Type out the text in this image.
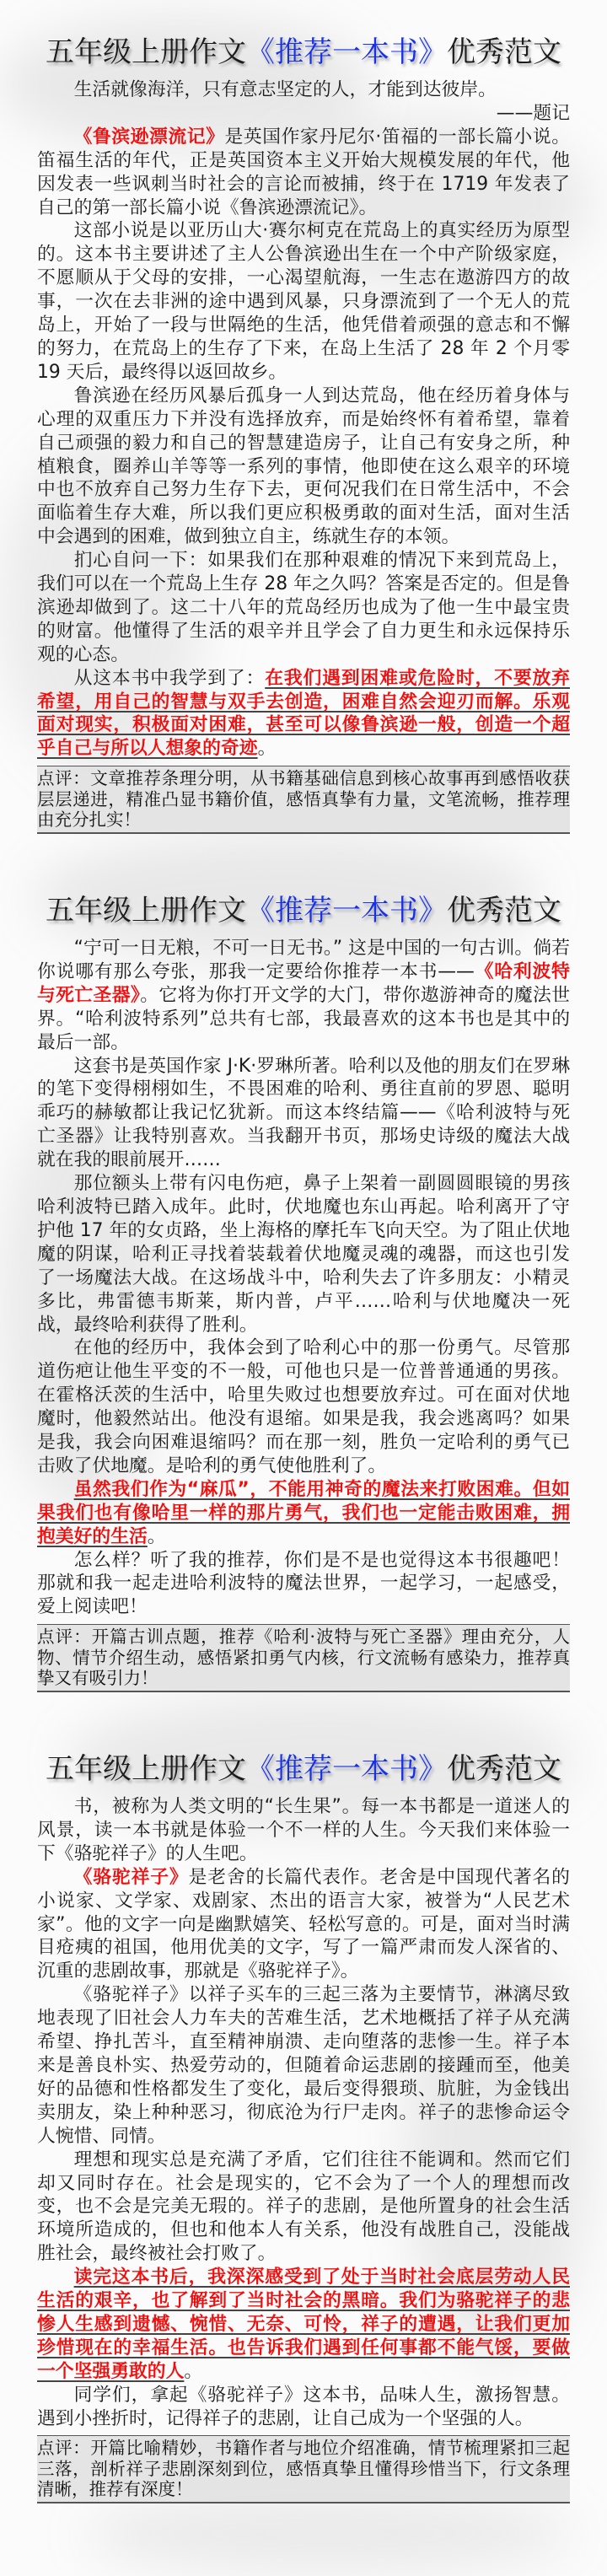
五年级上册作文《推荐一本书》优秀范文

生活就像海洋，只有意志坚定的人，才能到达彼岸。

——题记

《鲁滨逊漂流记》是英国作家丹尼尔·笛福的一部长篇小说。笛福生活的年代，正是英国资本主义开始大规模发展的年代，他因发表一些讽刺当时社会的言论而被捕，终于在 1719 年发表了自己的第一部长篇小说《鲁滨逊漂流记》。

这部小说是以亚历山大·赛尔柯克在荒岛上的真实经历为原型的。这本书主要讲述了主人公鲁滨逊出生在一个中产阶级家庭，不愿顺从于父母的安排，一心渴望航海，一生志在遨游四方的故事，一次在去非洲的途中遇到风暴，只身漂流到了一个无人的荒岛上，开始了一段与世隔绝的生活，他凭借着顽强的意志和不懈的努力，在荒岛上的生存了下来，在岛上生活了 28 年 2 个月零 19 天后，最终得以返回故乡。

鲁滨逊在经历风暴后孤身一人到达荒岛，他在经历着身体与心理的双重压力下并没有选择放弃，而是始终怀有着希望，靠着自己顽强的毅力和自己的智慧建造房子，让自己有安身之所，种植粮食，圈养山羊等等一系列的事情，他即使在这么艰辛的环境中也不放弃自己努力生存下去，更何况我们在日常生活中，不会面临着生存大难，所以我们更应积极勇敢的面对生活，面对生活中会遇到的困难，做到独立自主，练就生存的本领。

扪心自问一下：如果我们在那种艰难的情况下来到荒岛上，我们可以在一个荒岛上生存 28 年之久吗？答案是否定的。但是鲁滨逊却做到了。这二十八年的荒岛经历也成为了他一生中最宝贵的财富。他懂得了生活的艰辛并且学会了自力更生和永远保持乐观的心态。

从这本书中我学到了：在我们遇到困难或危险时，不要放弃希望，用自己的智慧与双手去创造，困难自然会迎刃而解。乐观面对现实，积极面对困难，甚至可以像鲁滨逊一般，创造一个超乎自己与所以人想象的奇迹。

点评：文章推荐条理分明，从书籍基础信息到核心故事再到感悟收获层层递进，精准凸显书籍价值，感悟真挚有力量，文笔流畅，推荐理由充分扎实！
五年级上册作文《推荐一本书》优秀范文

“宁可一日无粮，不可一日无书。” 这是中国的一句古训。倘若你说哪有那么夸张，那我一定要给你推荐一本书——《哈利波特与死亡圣器》。它将为你打开文学的大门，带你遨游神奇的魔法世界。“哈利波特系列”总共有七部，我最喜欢的这本书也是其中的最后一部。

这套书是英国作家 J·K·罗琳所著。哈利以及他的朋友们在罗琳的笔下变得栩栩如生，不畏困难的哈利、勇往直前的罗恩、聪明乖巧的赫敏都让我记忆犹新。而这本终结篇——《哈利波特与死亡圣器》让我特别喜欢。当我翻开书页，那场史诗级的魔法大战就在我的眼前展开……

那位额头上带有闪电伤疤，鼻子上架着一副圆圆眼镜的男孩哈利波特已踏入成年。此时，伏地魔也东山再起。哈利离开了守护他 17 年的女贞路，坐上海格的摩托车飞向天空。为了阻止伏地魔的阴谋，哈利正寻找着装载着伏地魔灵魂的魂器，而这也引发了一场魔法大战。在这场战斗中，哈利失去了许多朋友：小精灵多比，弗雷德韦斯莱，斯内普，卢平……哈利与伏地魔决一死战，最终哈利获得了胜利。

在他的经历中，我体会到了哈利心中的那一份勇气。尽管那道伤疤让他生平变的不一般，可他也只是一位普普通通的男孩。在霍格沃茨的生活中，哈里失败过也想要放弃过。可在面对伏地魔时，他毅然站出。他没有退缩。如果是我，我会逃离吗？如果是我，我会向困难退缩吗？而在那一刻，胜负一定哈利的勇气已击败了伏地魔。是哈利的勇气使他胜利了。

虽然我们作为“麻瓜”，不能用神奇的魔法来打败困难。但如果我们也有像哈里一样的那片勇气，我们也一定能击败困难，拥抱美好的生活。

怎么样？听了我的推荐，你们是不是也觉得这本书很趣吧！那就和我一起走进哈利波特的魔法世界，一起学习，一起感受，爱上阅读吧！

点评：开篇古训点题，推荐《哈利·波特与死亡圣器》理由充分，人物、情节介绍生动，感悟紧扣勇气内核，行文流畅有感染力，推荐真挚又有吸引力！
五年级上册作文《推荐一本书》优秀范文

书，被称为人类文明的“长生果”。每一本书都是一道迷人的风景，读一本书就是体验一个不一样的人生。今天我们来体验一下《骆驼祥子》的人生吧。

《骆驼祥子》是老舍的长篇代表作。老舍是中国现代著名的小说家、文学家、戏剧家、杰出的语言大家，被誉为“人民艺术家”。他的文字一向是幽默嬉笑、轻松写意的。可是，面对当时满目疮痍的祖国，他用优美的文字，写了一篇严肃而发人深省的、沉重的悲剧故事，那就是《骆驼祥子》。

《骆驼祥子》以祥子买车的三起三落为主要情节，淋漓尽致地表现了旧社会人力车夫的苦难生活，艺术地概括了祥子从充满希望、挣扎苦斗，直至精神崩溃、走向堕落的悲惨一生。祥子本来是善良朴实、热爱劳动的，但随着命运悲剧的接踵而至，他美好的品德和性格都发生了变化，最后变得猥琐、肮脏，为金钱出卖朋友，染上种种恶习，彻底沧为行尸走肉。祥子的悲惨命运令人惋惜、同情。

理想和现实总是充满了矛盾，它们往往不能调和。然而它们却又同时存在。社会是现实的，它不会为了一个人的理想而改变，也不会是完美无瑕的。祥子的悲剧，是他所置身的社会生活环境所造成的，但也和他本人有关系，他没有战胜自己，没能战胜社会，最终被社会打败了。

读完这本书后，我深深感受到了处于当时社会底层劳动人民生活的艰辛，也了解到了当时社会的黑暗。我们为骆驼祥子的悲惨人生感到遗憾、惋惜、无奈、可怜，祥子的遭遇，让我们更加珍惜现在的幸福生活。也告诉我们遇到任何事都不能气馁，要做一个坚强勇敢的人。

同学们，拿起《骆驼祥子》这本书，品味人生，激扬智慧。遇到小挫折时，记得祥子的悲剧，让自己成为一个坚强的人。

点评：开篇比喻精妙，书籍作者与地位介绍准确，情节梳理紧扣三起三落，剖析祥子悲剧深刻到位，感悟真挚且懂得珍惜当下，行文条理清晰，推荐有深度！
